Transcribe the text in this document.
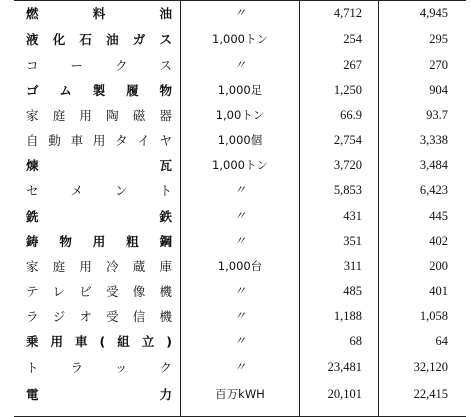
燃料油	〃	4,712	4,945
液化石油ガス	1,000トン	254	295
コークス	〃	267	270
ゴム製履物	1,000足	1,250	904
家庭用陶磁器	1,00トン	66.9	93.7
自動車用タイヤ	1,000個	2,754	3,338
煉瓦	1,000トン	3,720	3,484
セメント	〃	5,853	6,423
銑鉄	〃	431	445
鋳物用粗鋼	〃	351	402
家庭用冷蔵庫	1,000台	311	200
テレビ受像機	〃	485	401
ラジオ受信機	〃	1,188	1,058
乗用車(組立)	〃	68	64
トラック	〃	23,481	32,120
電力	百万kWH	20,101	22,415
